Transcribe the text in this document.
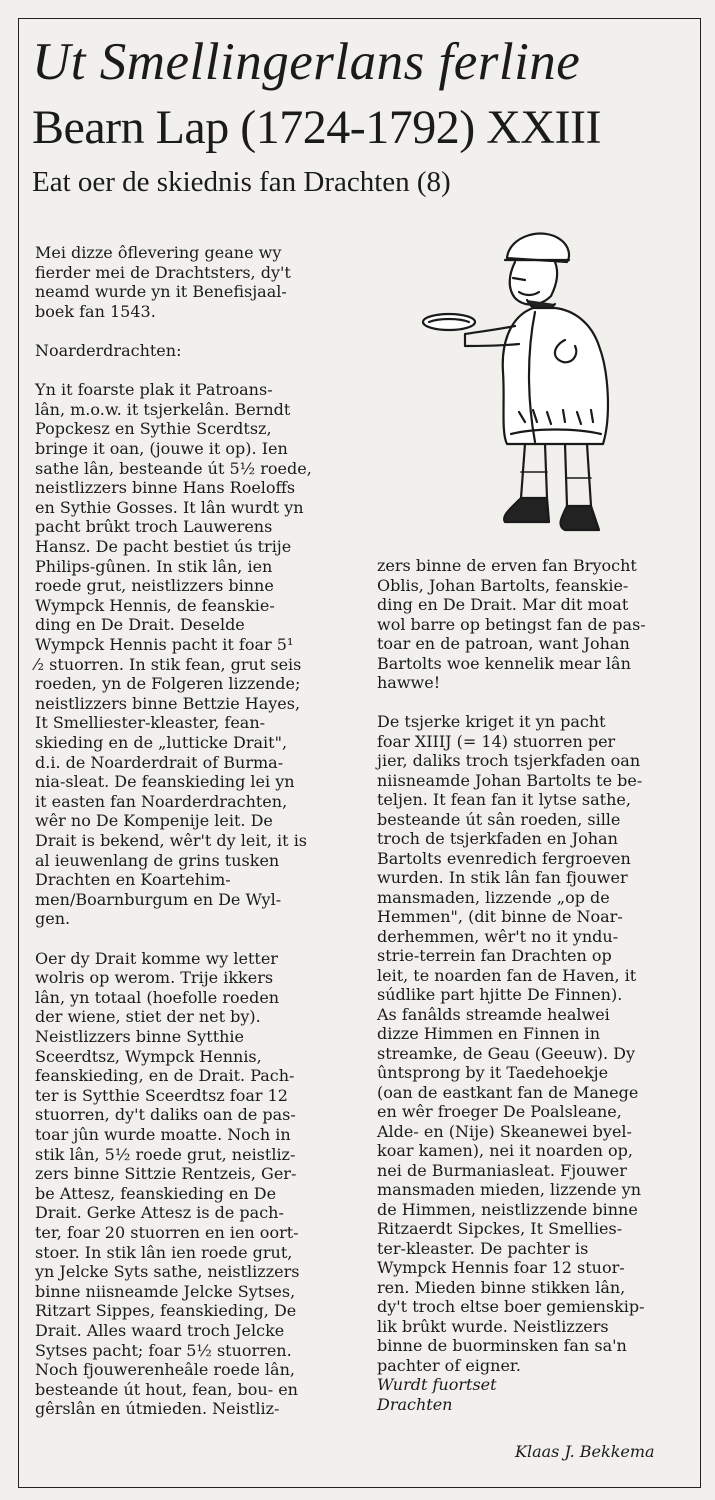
Ut Smellingerlans ferline
Bearn Lap (1724-1792) XXIII
Eat oer de skiednis fan Drachten (8)
Mei dizze ôflevering geane wy
fierder mei de Drachtsters, dy't
neamd wurde yn it Benefisjaal-
boek fan 1543.
Noarderdrachten:
Yn it foarste plak it Patroans-
lân, m.o.w. it tsjerkelân. Berndt
Popckesz en Sythie Scerdtsz,
bringe it oan, (jouwe it op). Ien
sathe lân, besteande út 5½ roede,
neistlizzers binne Hans Roeloffs
en Sythie Gosses. It lân wurdt yn
pacht brûkt troch Lauwerens
Hansz. De pacht bestiet ús trije
Philips-gûnen. In stik lân, ien
roede grut, neistlizzers binne
Wympck Hennis, de feanskie-
ding en De Drait. Deselde
Wympck Hennis pacht it foar 5¹
⁄₂ stuorren. In stik fean, grut seis
roeden, yn de Folgeren lizzende;
neistlizzers binne Bettzie Hayes,
It Smelliester-kleaster, fean-
skieding en de „lutticke Drait",
d.i. de Noarderdrait of Burma-
nia-sleat. De feanskieding lei yn
it easten fan Noarderdrachten,
wêr no De Kompenije leit. De
Drait is bekend, wêr't dy leit, it is
al ieuwenlang de grins tusken
Drachten en Koartehim-
men/Boarnburgum en De Wyl-
gen.
Oer dy Drait komme wy letter
wolris op werom. Trije ikkers
lân, yn totaal (hoefolle roeden
der wiene, stiet der net by).
Neistlizzers binne Sytthie
Sceerdtsz, Wympck Hennis,
feanskieding, en de Drait. Pach-
ter is Sytthie Sceerdtsz foar 12
stuorren, dy't daliks oan de pas-
toar jûn wurde moatte. Noch in
stik lân, 5½ roede grut, neistliz-
zers binne Sittzie Rentzeis, Ger-
be Attesz, feanskieding en De
Drait. Gerke Attesz is de pach-
ter, foar 20 stuorren en ien oort-
stoer. In stik lân ien roede grut,
yn Jelcke Syts sathe, neistlizzers
binne niisneamde Jelcke Sytses,
Ritzart Sippes, feanskieding, De
Drait. Alles waard troch Jelcke
Sytses pacht; foar 5½ stuorren.
Noch fjouwerenheâle roede lân,
besteande út hout, fean, bou- en
gêrslân en útmieden. Neistliz-
zers binne de erven fan Bryocht
Oblis, Johan Bartolts, feanskie-
ding en De Drait. Mar dit moat
wol barre op betingst fan de pas-
toar en de patroan, want Johan
Bartolts woe kennelik mear lân
hawwe!
De tsjerke kriget it yn pacht
foar XIIIJ (= 14) stuorren per
jier, daliks troch tsjerkfaden oan
niisneamde Johan Bartolts te be-
teljen. It fean fan it lytse sathe,
besteande út sân roeden, sille
troch de tsjerkfaden en Johan
Bartolts evenredich fergroeven
wurden. In stik lân fan fjouwer
mansmaden, lizzende „op de
Hemmen", (dit binne de Noar-
derhemmen, wêr't no it yndu-
strie-terrein fan Drachten op
leit, te noarden fan de Haven, it
súdlike part hjitte De Finnen).
As fanâlds streamde healwei
dizze Himmen en Finnen in
streamke, de Geau (Geeuw). Dy
ûntsprong by it Taedehoekje
(oan de eastkant fan de Manege
en wêr froeger De Poalsleane,
Alde- en (Nije) Skeanewei byel-
koar kamen), nei it noarden op,
nei de Burmaniasleat. Fjouwer
mansmaden mieden, lizzende yn
de Himmen, neistlizzende binne
Ritzaerdt Sipckes, It Smellies-
ter-kleaster. De pachter is
Wympck Hennis foar 12 stuor-
ren. Mieden binne stikken lân,
dy't troch eltse boer gemienskip-
lik brûkt wurde. Neistlizzers
binne de buorminsken fan sa'n
pachter of eigner.
Wurdt fuortset
Drachten
Klaas J. Bekkema
